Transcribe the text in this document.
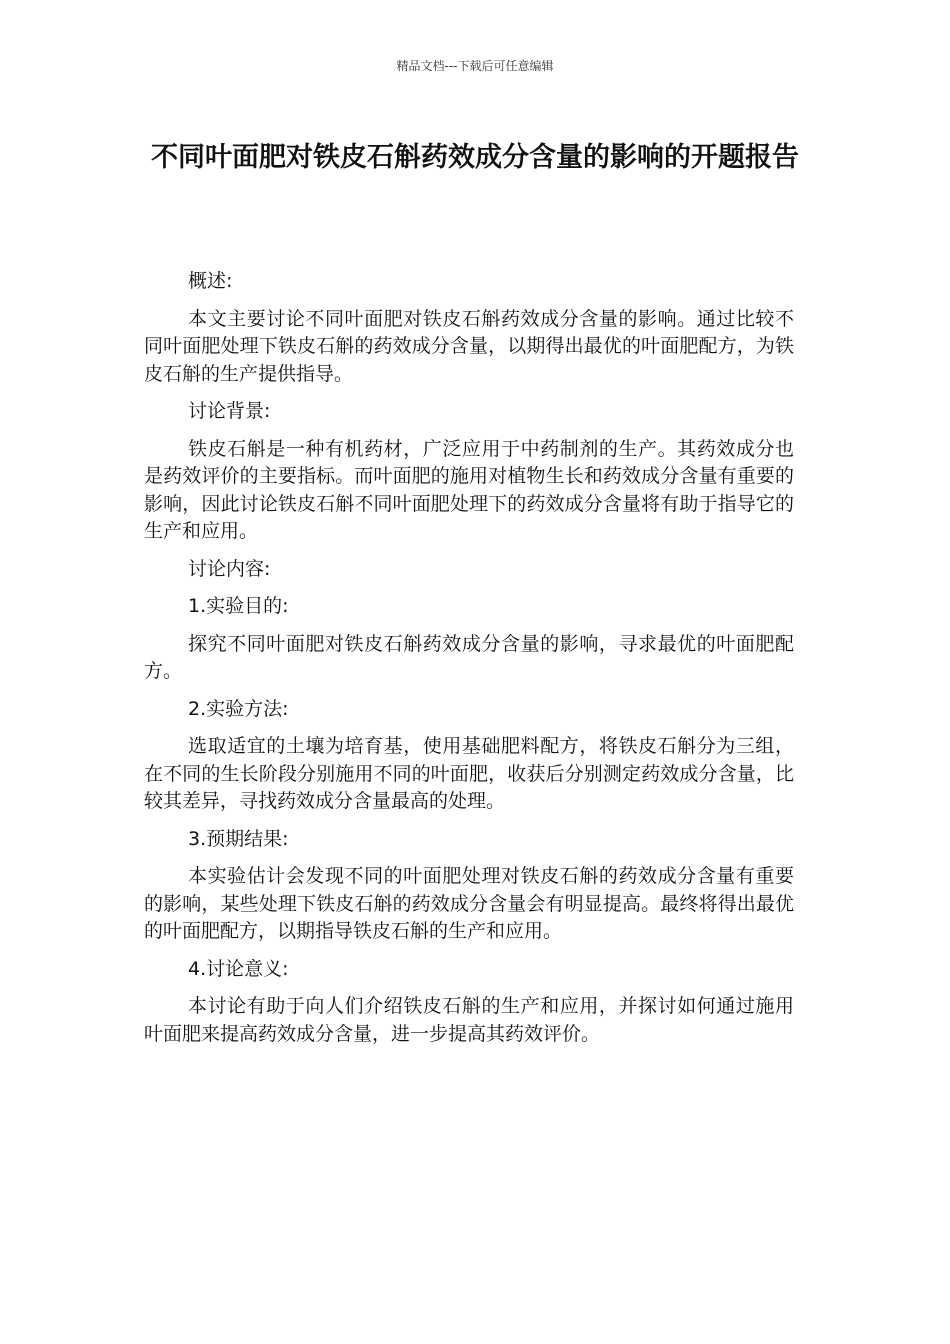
精品文档---下载后可任意编辑
不同叶面肥对铁皮石斛药效成分含量的影响的开题报告

概述:

本文主要讨论不同叶面肥对铁皮石斛药效成分含量的影响。通过比较不同叶面肥处理下铁皮石斛的药效成分含量，以期得出最优的叶面肥配方，为铁皮石斛的生产提供指导。

讨论背景:

铁皮石斛是一种有机药材，广泛应用于中药制剂的生产。其药效成分也是药效评价的主要指标。而叶面肥的施用对植物生长和药效成分含量有重要的影响，因此讨论铁皮石斛不同叶面肥处理下的药效成分含量将有助于指导它的生产和应用。

讨论内容:

1.实验目的:

探究不同叶面肥对铁皮石斛药效成分含量的影响，寻求最优的叶面肥配方。

2.实验方法:

选取适宜的土壤为培育基，使用基础肥料配方，将铁皮石斛分为三组，在不同的生长阶段分别施用不同的叶面肥，收获后分别测定药效成分含量，比较其差异，寻找药效成分含量最高的处理。

3.预期结果:

本实验估计会发现不同的叶面肥处理对铁皮石斛的药效成分含量有重要的影响，某些处理下铁皮石斛的药效成分含量会有明显提高。最终将得出最优的叶面肥配方，以期指导铁皮石斛的生产和应用。

4.讨论意义:

本讨论有助于向人们介绍铁皮石斛的生产和应用，并探讨如何通过施用叶面肥来提高药效成分含量，进一步提高其药效评价。
